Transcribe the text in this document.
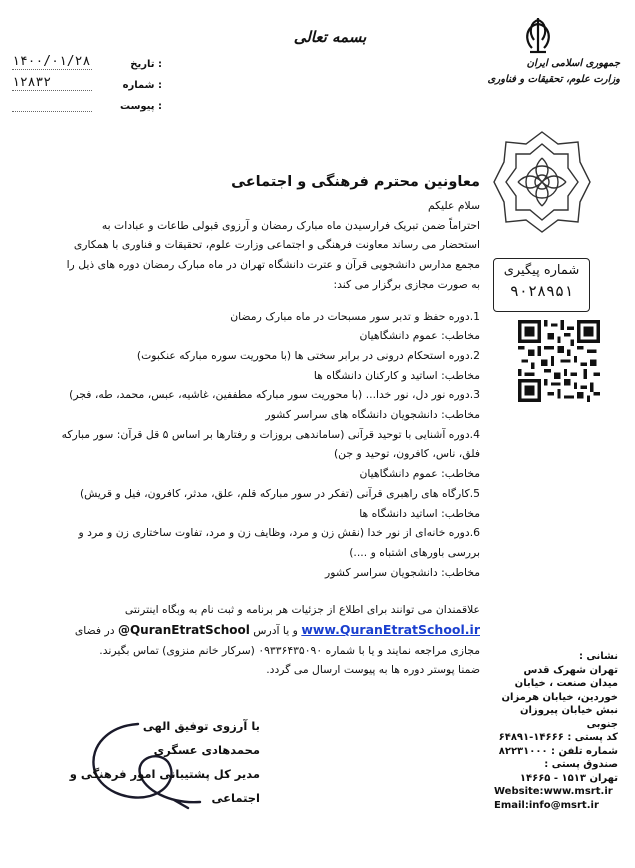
بسمه تعالی
۱۴۰۰/۰۱/۲۸	تاریخ :
۱۲۸۳۲	شماره :
پیوست :
جمهوری اسلامی ایران
وزارت علوم، تحقیقات و فناوری
شماره پیگیری
۹۰۲۸۹۵۱
معاونین محترم فرهنگی و اجتماعی

سلام علیکم

احتراماً ضمن تبریک فرارسیدن ماه مبارک رمضان و آرزوی قبولی طاعات و عبادات به استحضار می رساند معاونت فرهنگی و اجتماعی وزارت علوم، تحقیقات و فناوری با همکاری مجمع مدارس دانشجویی قرآن و عترت دانشگاه تهران در ماه مبارک رمضان دوره های ذیل را به صورت مجازی برگزار می کند:

1.دوره حفظ و تدبر سور مسبحات در ماه مبارک رمضان

مخاطب: عموم دانشگاهیان

2.دوره استحکام درونی در برابر سختی ها (با محوریت سوره مبارکه عنکبوت)

مخاطب: اساتید و کارکنان دانشگاه ها

3.دوره نور دل، نور خدا... (با محوریت سور مبارکه مطففین، غاشیه، عبس، محمد، طه، فجر)

مخاطب: دانشجویان دانشگاه های سراسر کشور

4.دوره آشنایی با توحید قرآنی (ساماندهی بروزات و رفتارها بر اساس ۵ قل قرآن: سور مبارکه فلق، ناس، کافرون، توحید و جن)

مخاطب: عموم دانشگاهیان

5.کارگاه های راهبری قرآنی (تفکر در سور مبارکه قلم، علق، مدثر، کافرون، فیل و قریش)

مخاطب: اساتید دانشگاه ها

6.دوره خانه‌ای از نور خدا (نقش زن و مرد، وظایف زن و مرد، تفاوت ساختاری زن و مرد و بررسی باورهای اشتباه و ....)

مخاطب: دانشجویان سراسر کشور

علاقمندان می توانند برای اطلاع از جزئیات هر برنامه و ثبت نام به وبگاه اینترنتی www.QuranEtratSchool.ir و یا آدرس @QuranEtratSchool در فضای مجازی مراجعه نمایند و یا با شماره ۰۹۳۳۶۴۳۵۰۹۰ (سرکار خانم منزوی) تماس بگیرند.

ضمنا پوستر دوره ها به پیوست ارسال می گردد.

با آرزوی توفیق الهی
محمدهادی عسگری
مدیر کل پشتیبانی امور فرهنگی و اجتماعی
نشانی :
تهران شهرک قدس
میدان صنعت ، خیابان
خوردین، خیابان هرمزان
نبش خیابان پیروزان جنوبی
کد پستی : ۱۴۶۶۶-۶۴۸۹۱
شماره تلفن : ۸۲۲۳۱۰۰۰
صندوق پستی :
تهران ۱۵۱۳ - ۱۴۶۶۵
Website:www.msrt.ir
Email:info@msrt.ir
